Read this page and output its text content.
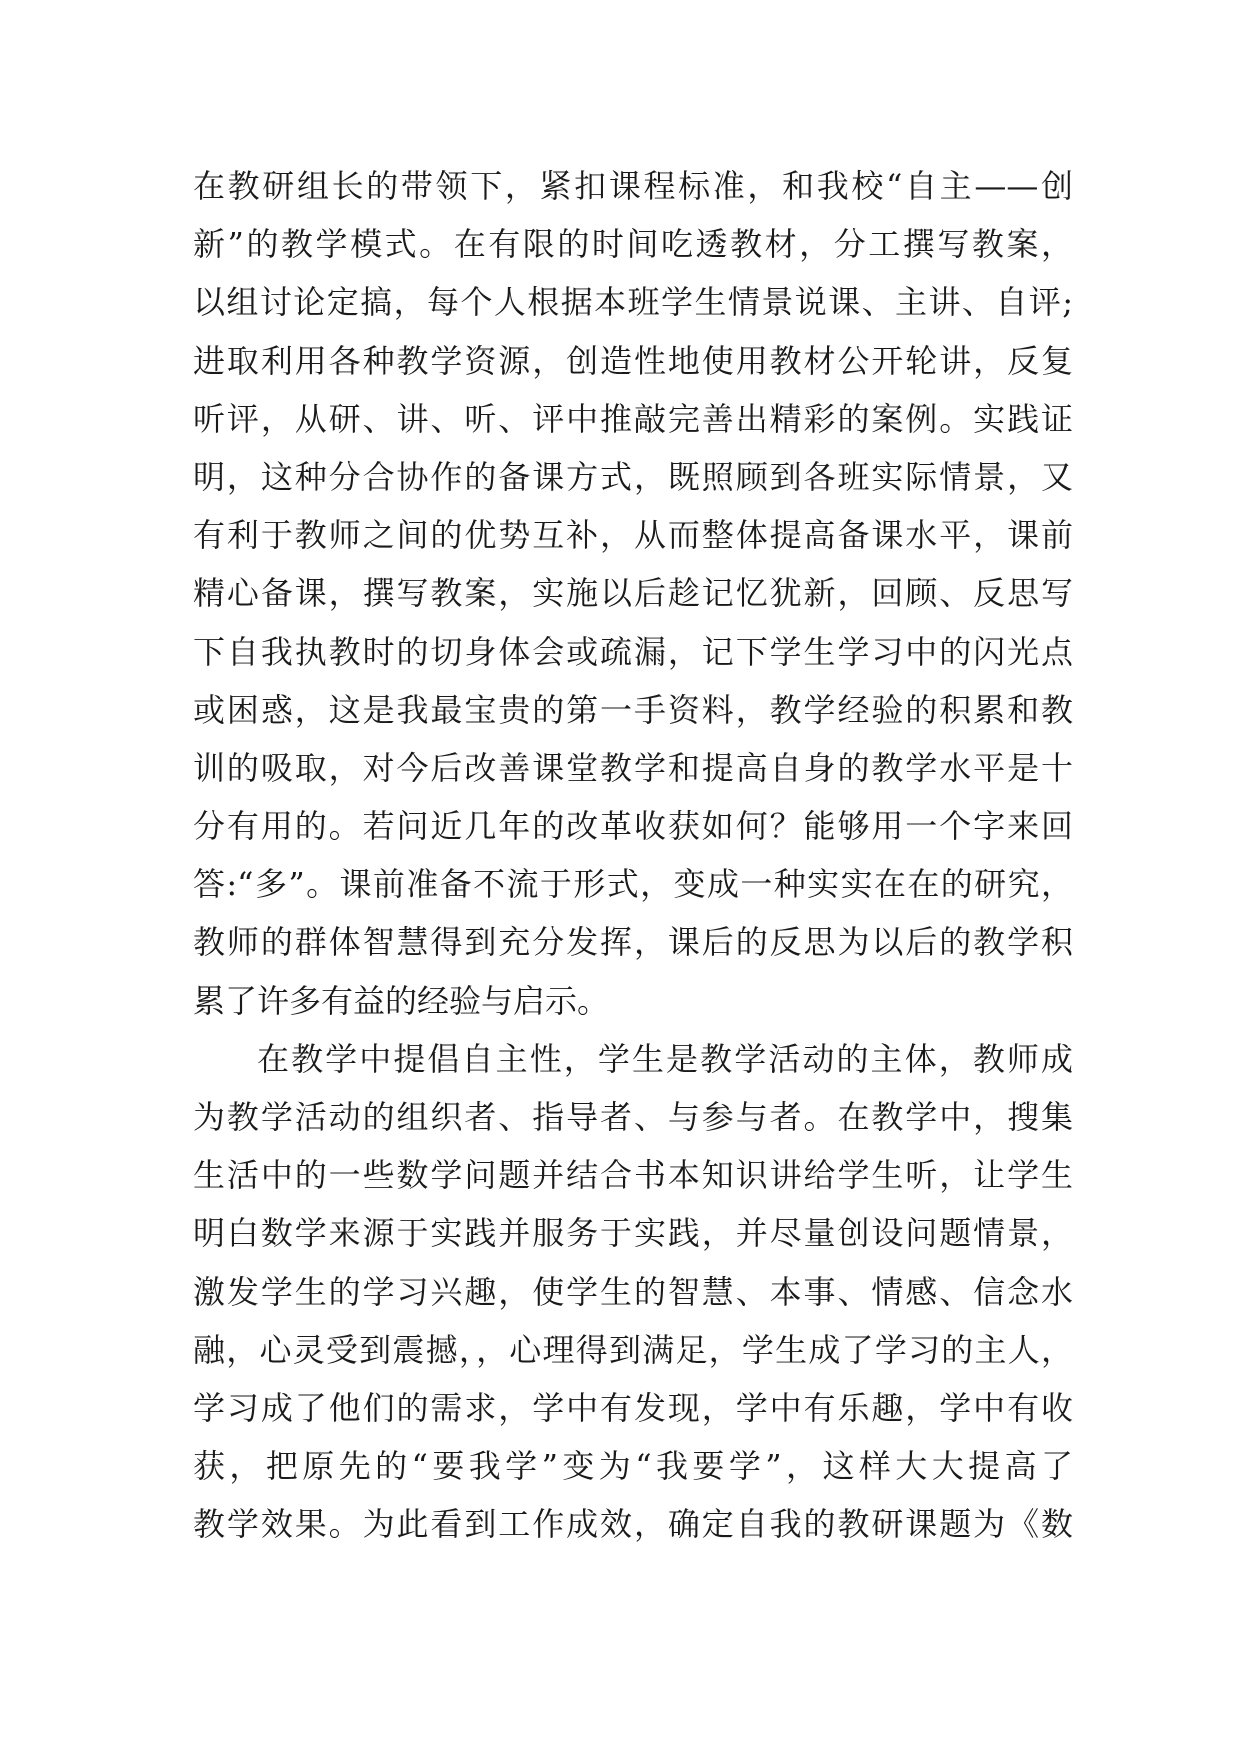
在教研组长的带领下，紧扣课程标准，和我校“自主——创
新”的教学模式。在有限的时间吃透教材，分工撰写教案，
以组讨论定搞，每个人根据本班学生情景说课、主讲、自评;
进取利用各种教学资源，创造性地使用教材公开轮讲，反复
听评，从研、讲、听、评中推敲完善出精彩的案例。实践证
明，这种分合协作的备课方式，既照顾到各班实际情景，又
有利于教师之间的优势互补，从而整体提高备课水平，课前
精心备课，撰写教案，实施以后趁记忆犹新，回顾、反思写
下自我执教时的切身体会或疏漏，记下学生学习中的闪光点
或困惑，这是我最宝贵的第一手资料，教学经验的积累和教
训的吸取，对今后改善课堂教学和提高自身的教学水平是十
分有用的。若问近几年的改革收获如何？能够用一个字来回
答:“多”。课前准备不流于形式，变成一种实实在在的研究，
教师的群体智慧得到充分发挥，课后的反思为以后的教学积
累了许多有益的经验与启示。
在教学中提倡自主性，学生是教学活动的主体，教师成
为教学活动的组织者、指导者、与参与者。在教学中，搜集
生活中的一些数学问题并结合书本知识讲给学生听，让学生
明白数学来源于实践并服务于实践，并尽量创设问题情景，
激发学生的学习兴趣，使学生的智慧、本事、情感、信念水
融，心灵受到震撼，，心理得到满足，学生成了学习的主人，
学习成了他们的需求，学中有发现，学中有乐趣，学中有收
获，把原先的“要我学”变为“我要学”，这样大大提高了
教学效果。为此看到工作成效，确定自我的教研课题为《数
